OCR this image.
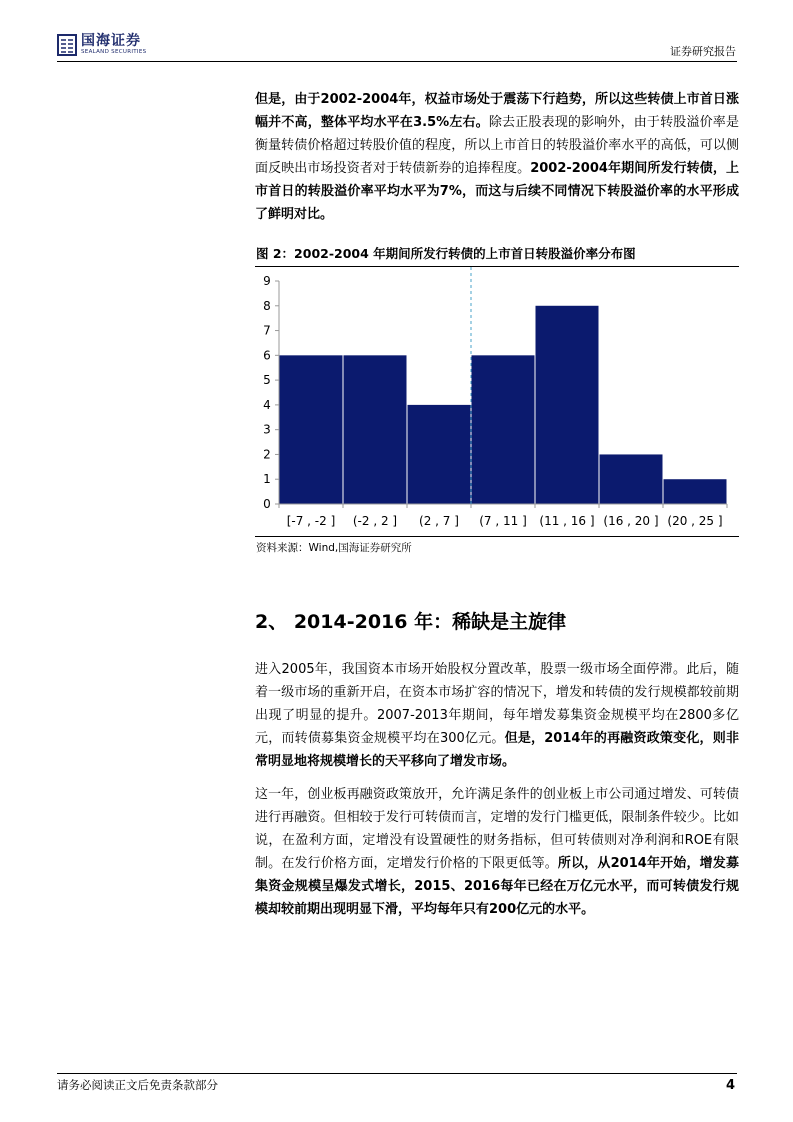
国海证券
SEALAND SECURITIES	证券研究报告
但是，由于2002-2004年，权益市场处于震荡下行趋势，所以这些转债上市首日涨幅并不高，整体平均水平在3.5%左右。除去正股表现的影响外，由于转股溢价率是衡量转债价格超过转股价值的程度，所以上市首日的转股溢价率水平的高低，可以侧面反映出市场投资者对于转债新券的追捧程度。2002-2004年期间所发行转债，上市首日的转股溢价率平均水平为7%，而这与后续不同情况下转股溢价率的水平形成了鲜明对比。
图 2：2002-2004 年期间所发行转债的上市首日转股溢价率分布图
0
1
2
3
4
5
6
7
8
9
[-7 , -2 ] (-2 , 2 ] (2 , 7 ] (7 , 11 ] (11 , 16 ] (16 , 20 ] (20 , 25 ]
资料来源：Wind,国海证券研究所
2、 2014-2016 年：稀缺是主旋律
进入2005年，我国资本市场开始股权分置改革，股票一级市场全面停滞。此后，随着一级市场的重新开启，在资本市场扩容的情况下，增发和转债的发行规模都较前期出现了明显的提升。2007-2013年期间，每年增发募集资金规模平均在2800多亿元，而转债募集资金规模平均在300亿元。但是，2014年的再融资政策变化，则非常明显地将规模增长的天平移向了增发市场。
这一年，创业板再融资政策放开，允许满足条件的创业板上市公司通过增发、可转债进行再融资。但相较于发行可转债而言，定增的发行门槛更低，限制条件较少。比如说，在盈利方面，定增没有设置硬性的财务指标，但可转债则对净利润和ROE有限制。在发行价格方面，定增发行价格的下限更低等。所以，从2014年开始，增发募集资金规模呈爆发式增长，2015、2016每年已经在万亿元水平，而可转债发行规模却较前期出现明显下滑，平均每年只有200亿元的水平。
请务必阅读正文后免责条款部分	4
